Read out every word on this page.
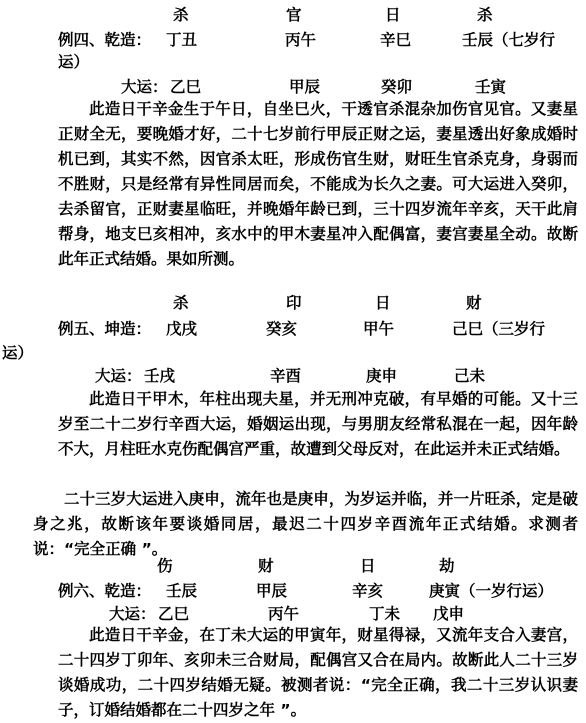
杀	官	日	杀
例四、乾造： 丁丑	丙午	辛巳	壬辰（七岁行
运）
大运： 乙巳	甲辰	癸卯	壬寅
此造日干辛金生于午日，自坐巳火，干透官杀混杂加伤官见官。又妻星正财全无，要晚婚才好，二十七岁前行甲辰正财之运，妻星透出好象成婚时机已到，其实不然，因官杀太旺，形成伤官生财，财旺生官杀克身，身弱而不胜财，只是经常有异性同居而矣，不能成为长久之妻。可大运进入癸卯，去杀留官，正财妻星临旺，并晚婚年龄已到，三十四岁流年辛亥，天干此肩帮身，地支巳亥相冲，亥水中的甲木妻星冲入配偶富，妻宫妻星全动。故断此年正式结婚。果如所测。
杀	印	日	财
例五、坤造： 戊戌	癸亥	甲午	己巳（三岁行
运）
大运： 壬戌	辛酉	庚申	己未
此造日干甲木，年柱出现夫星，并无刑冲克破，有早婚的可能。又十三岁至二十二岁行辛酉大运，婚姻运出现，与男朋友经常私混在一起，因年龄不大，月柱旺水克伤配偶宫严重，故遭到父母反对，在此运并未正式结婚。
二十三岁大运进入庚申，流年也是庚申，为岁运并临，并一片旺杀，定是破身之兆，故断该年要谈婚同居，最迟二十四岁辛酉流年正式结婚。求测者说：“完全正确 ”。
伤	财	日	劫
例六、乾造： 壬辰	甲辰	辛亥	庚寅（一岁行运）
大运： 乙巳	丙午	丁未 戊申
此造日干辛金，在丁未大运的甲寅年，财星得禄，又流年支合入妻宫，二十四岁丁卯年、亥卯未三合财局，配偶宫又合在局内。故断此人二十三岁谈婚成功，二十四岁结婚无疑。被测者说：“完全正确，我二十三岁认识妻子，订婚结婚都在二十四岁之年 ”。
